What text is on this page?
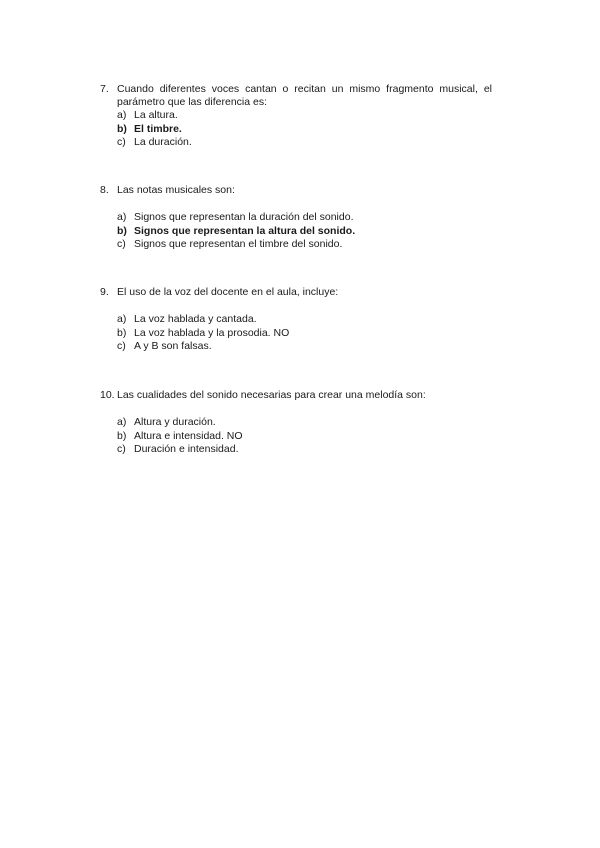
7. Cuando diferentes voces cantan o recitan un mismo fragmento musical, el parámetro que las diferencia es:
a) La altura.
b) El timbre.
c) La duración.
8. Las notas musicales son:
a) Signos que representan la duración del sonido.
b) Signos que representan la altura del sonido.
c) Signos que representan el timbre del sonido.
9. El uso de la voz del docente en el aula, incluye:
a) La voz hablada y cantada.
b) La voz hablada y la prosodia. NO
c) A y B son falsas.
10. Las cualidades del sonido necesarias para crear una melodía son:
a) Altura y duración.
b) Altura e intensidad. NO
c) Duración e intensidad.
